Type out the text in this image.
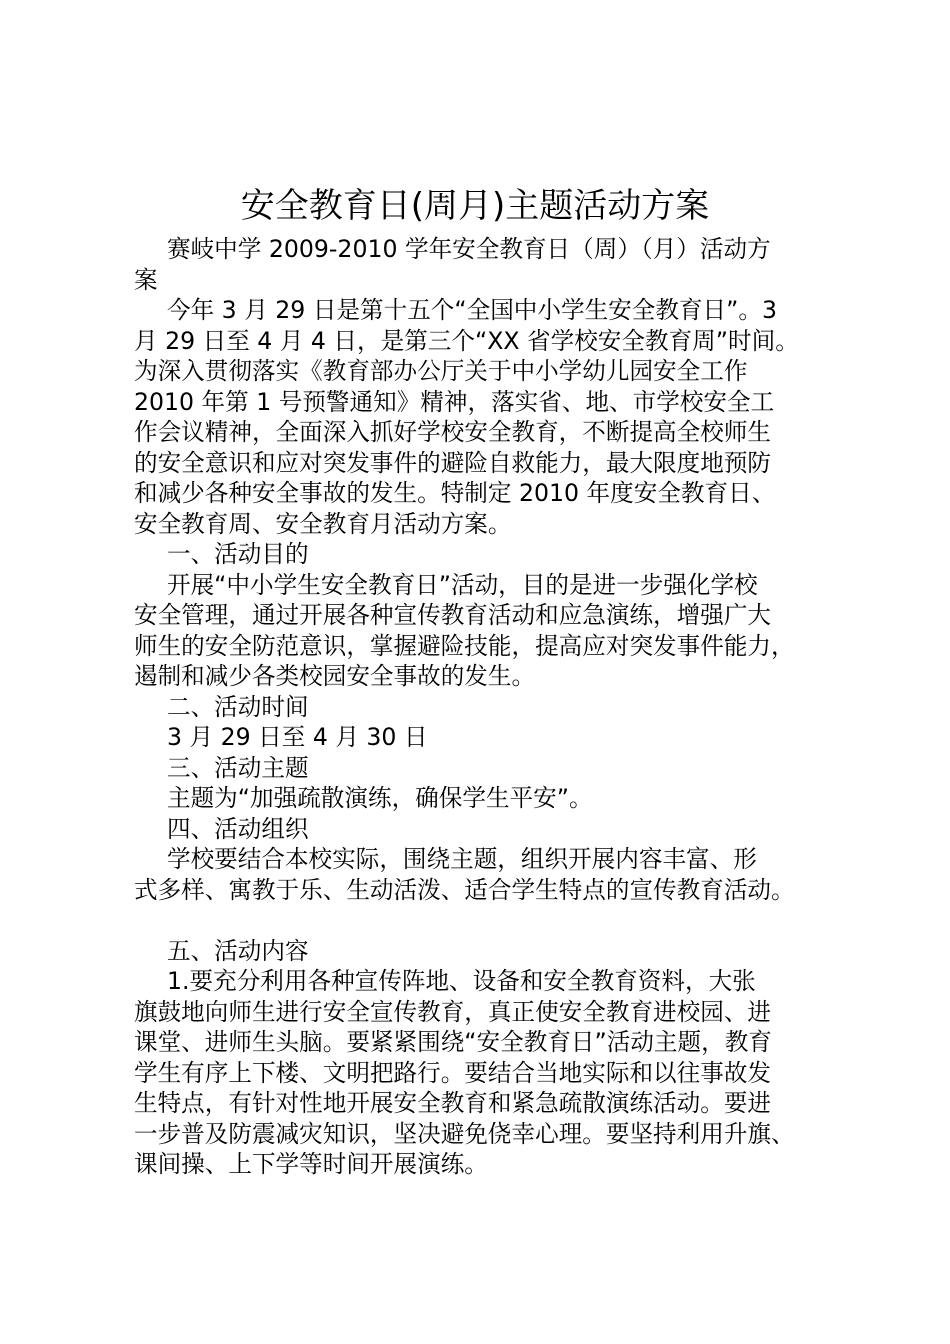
安全教育日(周月)主题活动方案
赛岐中学 2009-2010 学年安全教育日（周）（月）活动方
案
今年 3 月 29 日是第十五个“全国中小学生安全教育日”。3
月 29 日至 4 月 4 日，是第三个“XX 省学校安全教育周”时间。
为深入贯彻落实《教育部办公厅关于中小学幼儿园安全工作
2010 年第 1 号预警通知》精神，落实省、地、市学校安全工
作会议精神，全面深入抓好学校安全教育，不断提高全校师生
的安全意识和应对突发事件的避险自救能力，最大限度地预防
和减少各种安全事故的发生。特制定 2010 年度安全教育日、
安全教育周、安全教育月活动方案。
一、活动目的
开展“中小学生安全教育日”活动，目的是进一步强化学校
安全管理，通过开展各种宣传教育活动和应急演练，增强广大
师生的安全防范意识，掌握避险技能，提高应对突发事件能力，
遏制和减少各类校园安全事故的发生。
二、活动时间
3 月 29 日至 4 月 30 日
三、活动主题
主题为“加强疏散演练，确保学生平安”。
四、活动组织
学校要结合本校实际，围绕主题，组织开展内容丰富、形
式多样、寓教于乐、生动活泼、适合学生特点的宣传教育活动。
五、活动内容
1.要充分利用各种宣传阵地、设备和安全教育资料，大张
旗鼓地向师生进行安全宣传教育，真正使安全教育进校园、进
课堂、进师生头脑。要紧紧围绕“安全教育日”活动主题，教育
学生有序上下楼、文明把路行。要结合当地实际和以往事故发
生特点，有针对性地开展安全教育和紧急疏散演练活动。要进
一步普及防震减灾知识，坚决避免侥幸心理。要坚持利用升旗、
课间操、上下学等时间开展演练。
